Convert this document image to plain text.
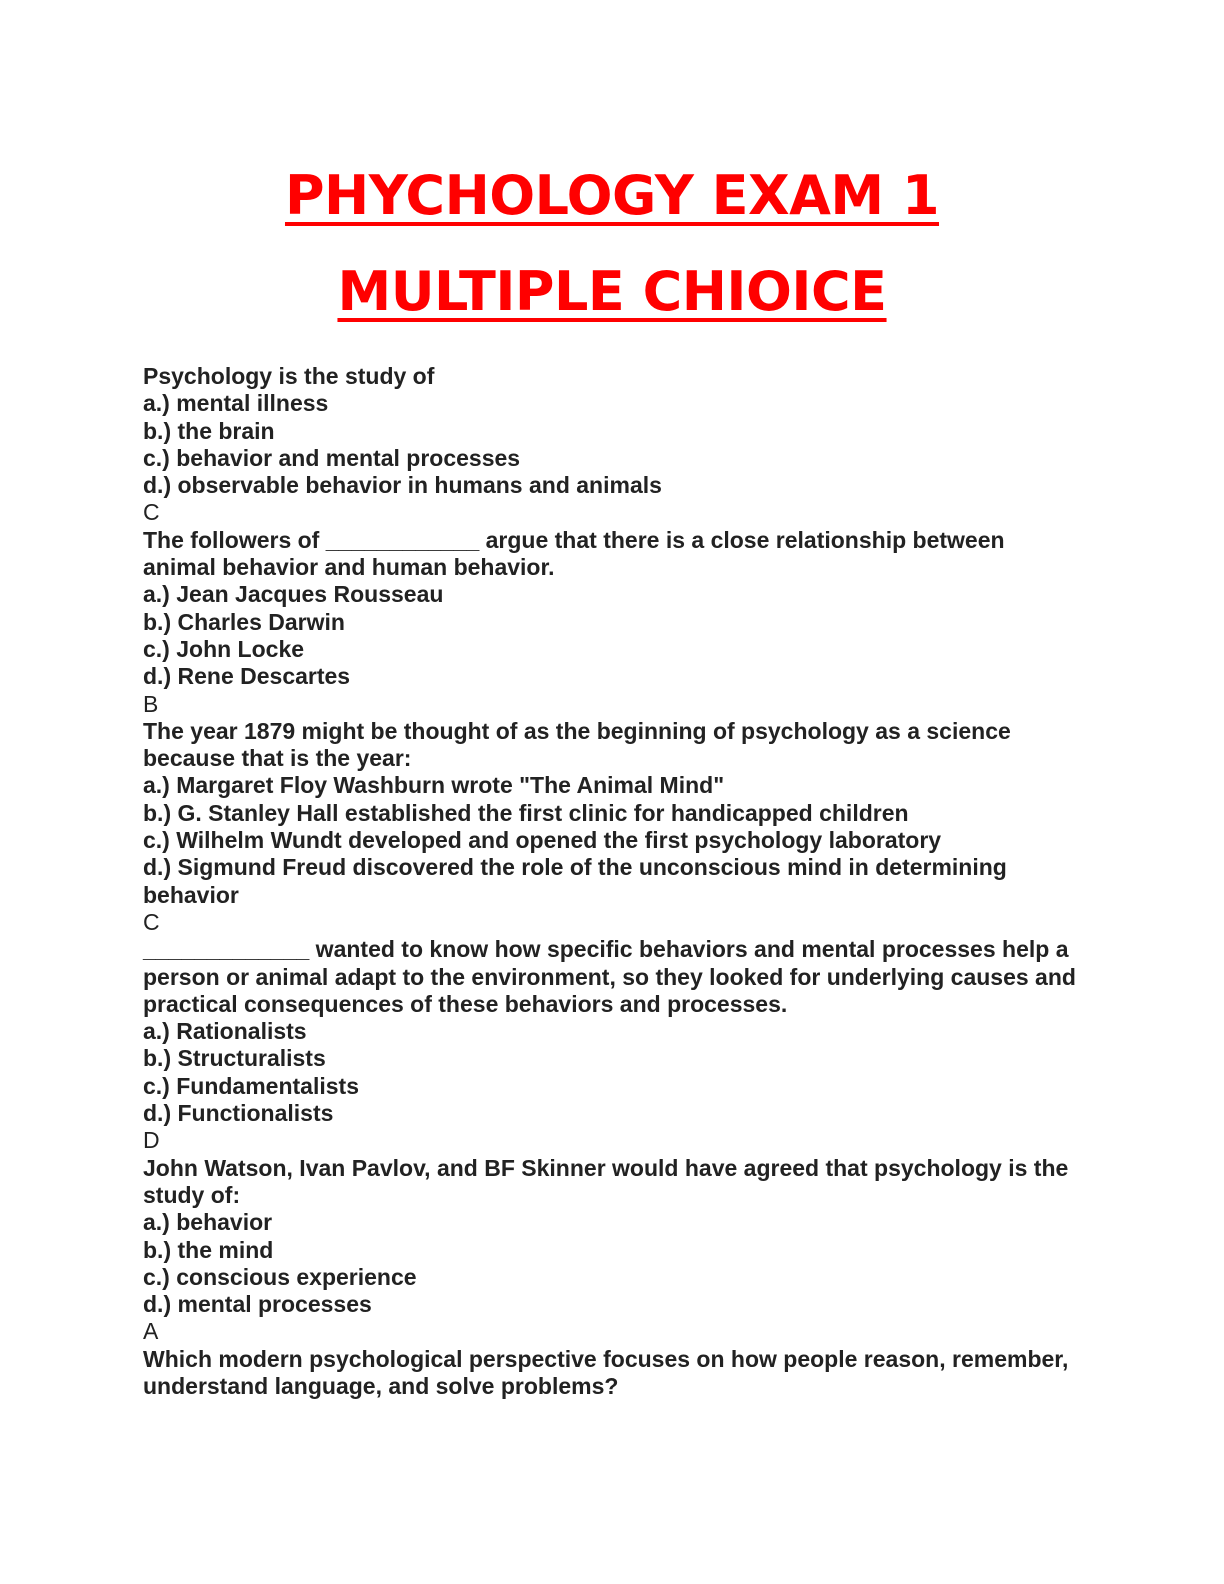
PHYCHOLOGY EXAM 1

MULTIPLE CHIOICE

Psychology is the study of

a.) mental illness

b.) the brain

c.) behavior and mental processes

d.) observable behavior in humans and animals

C

The followers of ____________ argue that there is a close relationship between animal behavior and human behavior.

a.) Jean Jacques Rousseau

b.) Charles Darwin

c.) John Locke

d.) Rene Descartes

B

The year 1879 might be thought of as the beginning of psychology as a science because that is the year:

a.) Margaret Floy Washburn wrote "The Animal Mind"

b.) G. Stanley Hall established the first clinic for handicapped children

c.) Wilhelm Wundt developed and opened the first psychology laboratory

d.) Sigmund Freud discovered the role of the unconscious mind in determining behavior

C

_____________ wanted to know how specific behaviors and mental processes help a person or animal adapt to the environment, so they looked for underlying causes and practical consequences of these behaviors and processes.

a.) Rationalists

b.) Structuralists

c.) Fundamentalists

d.) Functionalists

D

John Watson, Ivan Pavlov, and BF Skinner would have agreed that psychology is the study of:

a.) behavior

b.) the mind

c.) conscious experience

d.) mental processes

A

Which modern psychological perspective focuses on how people reason, remember, understand language, and solve problems?
